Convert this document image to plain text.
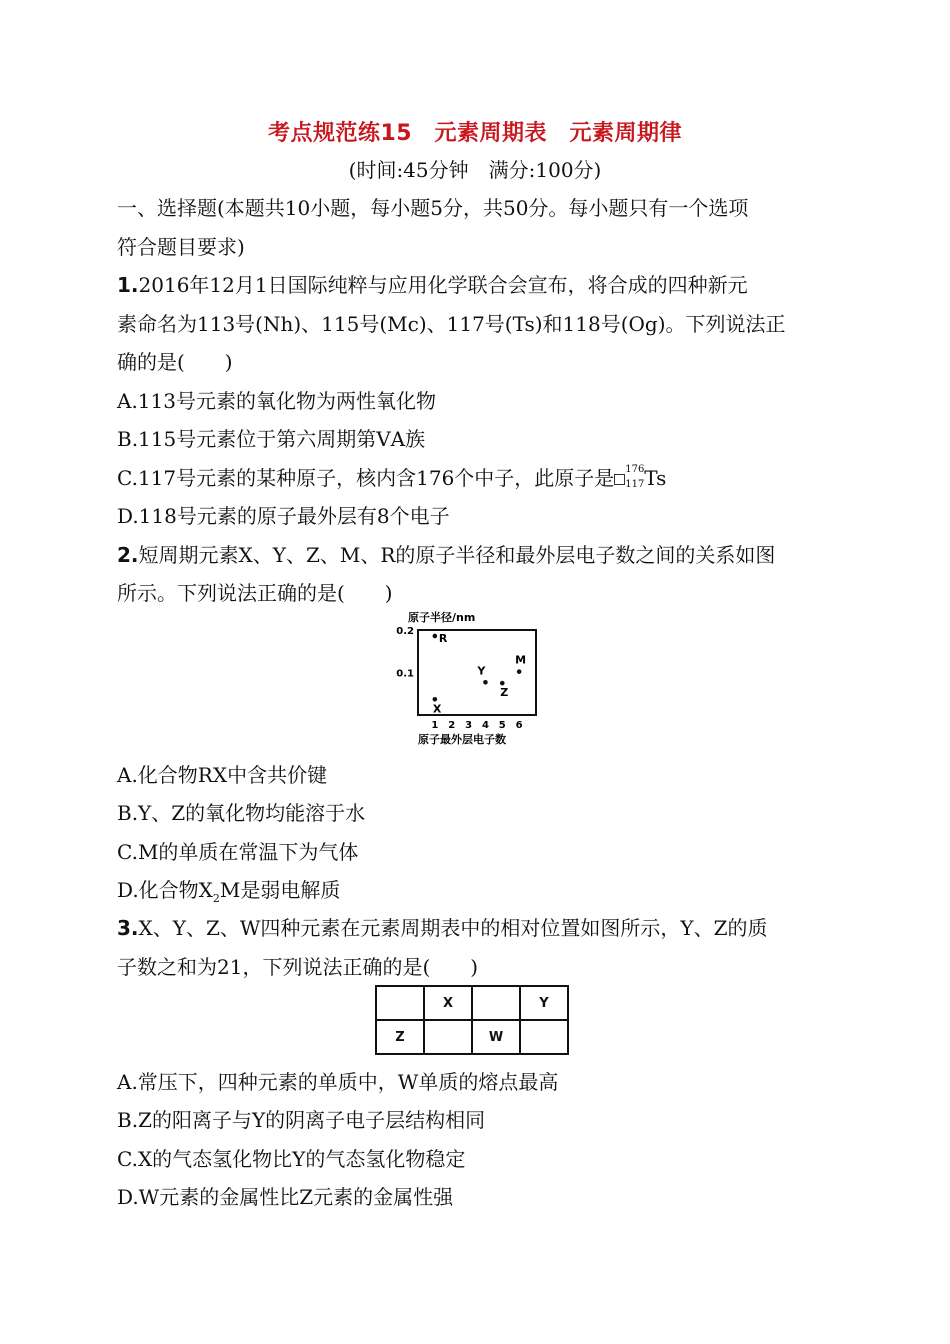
考点规范练15　元素周期表　元素周期律
(时间:45分钟　满分:100分)
一、选择题(本题共10小题，每小题5分，共50分。每小题只有一个选项
符合题目要求)
1.2016年12月1日国际纯粹与应用化学联合会宣布，将合成的四种新元
素命名为113号(Nh)、115号(Mc)、117号(Ts)和118号(Og)。下列说法正
确的是(　　)
A.113号元素的氧化物为两性氧化物
B.115号元素位于第六周期第ⅤA族
C.117号元素的某种原子，核内含176个中子，此原子是 176
117 Ts
D.118号元素的原子最外层有8个电子
2.短周期元素X、Y、Z、M、R的原子半径和最外层电子数之间的关系如图
所示。下列说法正确的是(　　)
原子半径/nm
0.1
0.2
1 2 3 4 5 6
R
X
Y
Z
M
原子最外层电子数
A.化合物RX中含共价键
B.Y、Z的氧化物均能溶于水
C.M的单质在常温下为气体
D.化合物$X_2M$是弱电解质
3.X、Y、Z、W四种元素在元素周期表中的相对位置如图所示，Y、Z的质
子数之和为21，下列说法正确的是(　　)
	X		Y
Z		W	
A.常压下，四种元素的单质中，W单质的熔点最高
B.Z的阳离子与Y的阴离子电子层结构相同
C.X的气态氢化物比Y的气态氢化物稳定
D.W元素的金属性比Z元素的金属性强
